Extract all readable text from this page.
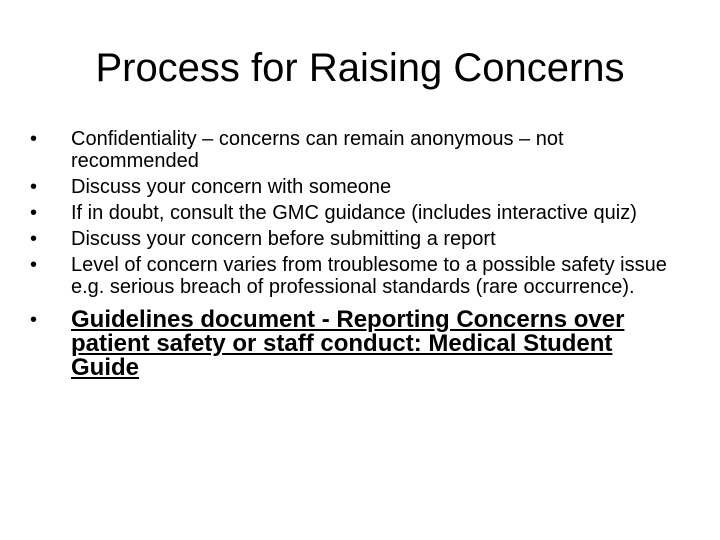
Process for Raising Concerns
•	Confidentiality – concerns can remain anonymous – not recommended
•	Discuss your concern with someone
•	If in doubt, consult the GMC guidance (includes interactive quiz)
•	Discuss your concern before submitting a report
•	Level of concern varies from troublesome to a possible safety issue e.g. serious breach of professional standards (rare occurrence).
•	Guidelines document - Reporting Concerns over patient safety or staff conduct: Medical Student Guide
